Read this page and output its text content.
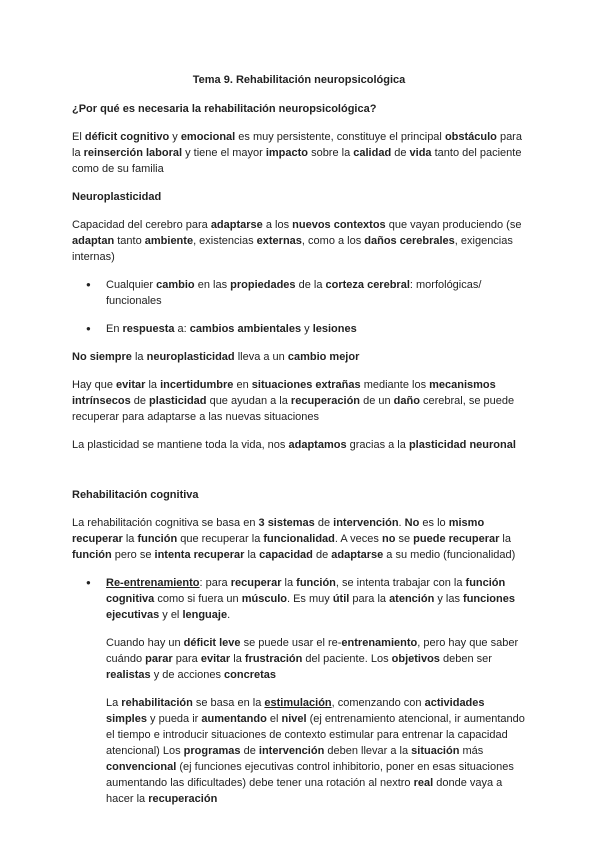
Tema 9. Rehabilitación neuropsicológica
¿Por qué es necesaria la rehabilitación neuropsicológica?

El déficit cognitivo y emocional es muy persistente, constituye el principal obstáculo para la reinserción laboral y tiene el mayor impacto sobre la calidad de vida tanto del paciente como de su familia

Neuroplasticidad

Capacidad del cerebro para adaptarse a los nuevos contextos que vayan produciendo (se adaptan tanto ambiente, existencias externas, como a los daños cerebrales, exigencias internas)

● Cualquier cambio en las propiedades de la corteza cerebral: morfológicas/ funcionales
● En respuesta a: cambios ambientales y lesiones

No siempre la neuroplasticidad lleva a un cambio mejor

Hay que evitar la incertidumbre en situaciones extrañas mediante los mecanismos intrínsecos de plasticidad que ayudan a la recuperación de un daño cerebral, se puede recuperar para adaptarse a las nuevas situaciones

La plasticidad se mantiene toda la vida, nos adaptamos gracias a la plasticidad neuronal

Rehabilitación cognitiva

La rehabilitación cognitiva se basa en 3 sistemas de intervención. No es lo mismo recuperar la función que recuperar la funcionalidad. A veces no se puede recuperar la función pero se intenta recuperar la capacidad de adaptarse a su medio (funcionalidad)

● Re-entrenamiento: para recuperar la función, se intenta trabajar con la función cognitiva como si fuera un músculo. Es muy útil para la atención y las funciones ejecutivas y el lenguaje.
Cuando hay un déficit leve se puede usar el re-entrenamiento, pero hay que saber cuándo parar para evitar la frustración del paciente. Los objetivos deben ser realistas y de acciones concretas
La rehabilitación se basa en la estimulación, comenzando con actividades simples y pueda ir aumentando el nivel (ej entrenamiento atencional, ir aumentando el tiempo e introducir situaciones de contexto estimular para entrenar la capacidad atencional) Los programas de intervención deben llevar a la situación más convencional (ej funciones ejecutivas control inhibitorio, poner en esas situaciones aumentando las dificultades) debe tener una rotación al nextro real donde vaya a hacer la recuperación
